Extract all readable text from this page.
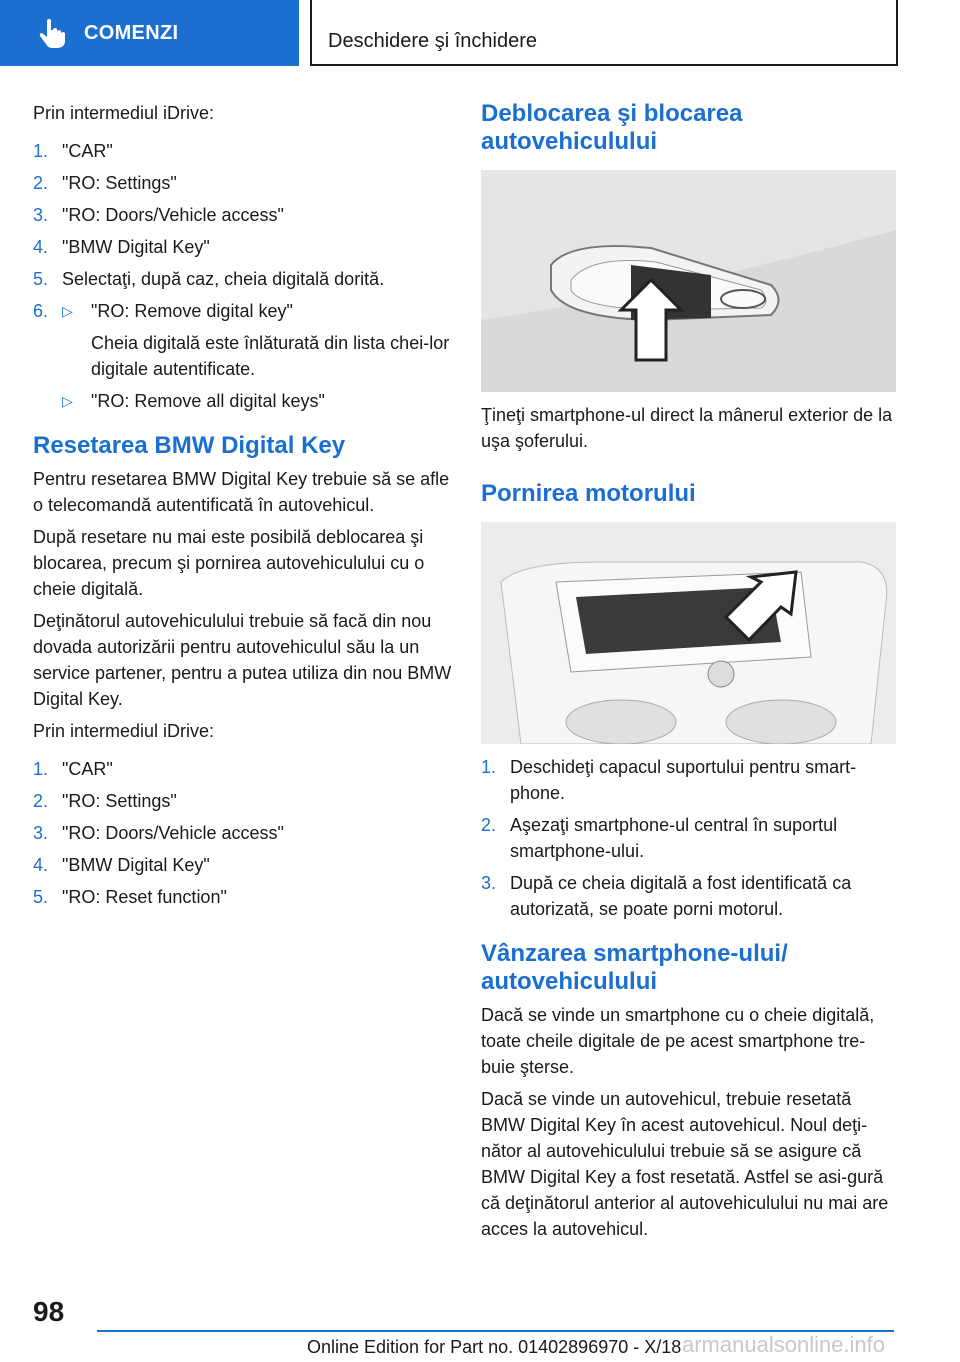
COMENZI	Deschidere şi închidere

Prin intermediul iDrive:

1. "CAR"
2. "RO: Settings"
3. "RO: Doors/Vehicle access"
4. "BMW Digital Key"
5. Selectaţi, după caz, cheia digitală dorită.
6. ▷	"RO: Remove digital key"
Cheia digitală este înlăturată din lista chei-lor digitale autentificate.
▷	"RO: Remove all digital keys"
Resetarea BMW Digital Key

Pentru resetarea BMW Digital Key trebuie să se afle o telecomandă autentificată în autovehicul.

După resetare nu mai este posibilă deblocarea şi blocarea, precum şi pornirea autovehiculului cu o cheie digitală.

Deţinătorul autovehiculului trebuie să facă din nou dovada autorizării pentru autovehiculul său la un service partener, pentru a putea utiliza din nou BMW Digital Key.

Prin intermediul iDrive:

1. "CAR"
2. "RO: Settings"
3. "RO: Doors/Vehicle access"
4. "BMW Digital Key"
5. "RO: Reset function"
Deblocarea şi blocarea autovehiculului

Ţineţi smartphone-ul direct la mânerul exterior de la uşa şoferului.

Pornirea motorului
1. Deschideţi capacul suportului pentru smart-phone.
2. Aşezaţi smartphone-ul central în suportul smartphone-ului.
3. După ce cheia digitală a fost identificată ca autorizată, se poate porni motorul.
Vânzarea smartphone-ului/ autovehiculului

Dacă se vinde un smartphone cu o cheie digitală, toate cheile digitale de pe acest smartphone tre-buie şterse.

Dacă se vinde un autovehicul, trebuie resetată BMW Digital Key în acest autovehicul. Noul deţi-nător al autovehiculului trebuie să se asigure că BMW Digital Key a fost resetată. Astfel se asi-gură că deţinătorul anterior al autovehiculului nu mai are acces la autovehicul.

98
Online Edition for Part no. 01402896970 - X/18 armanualsonline.info
